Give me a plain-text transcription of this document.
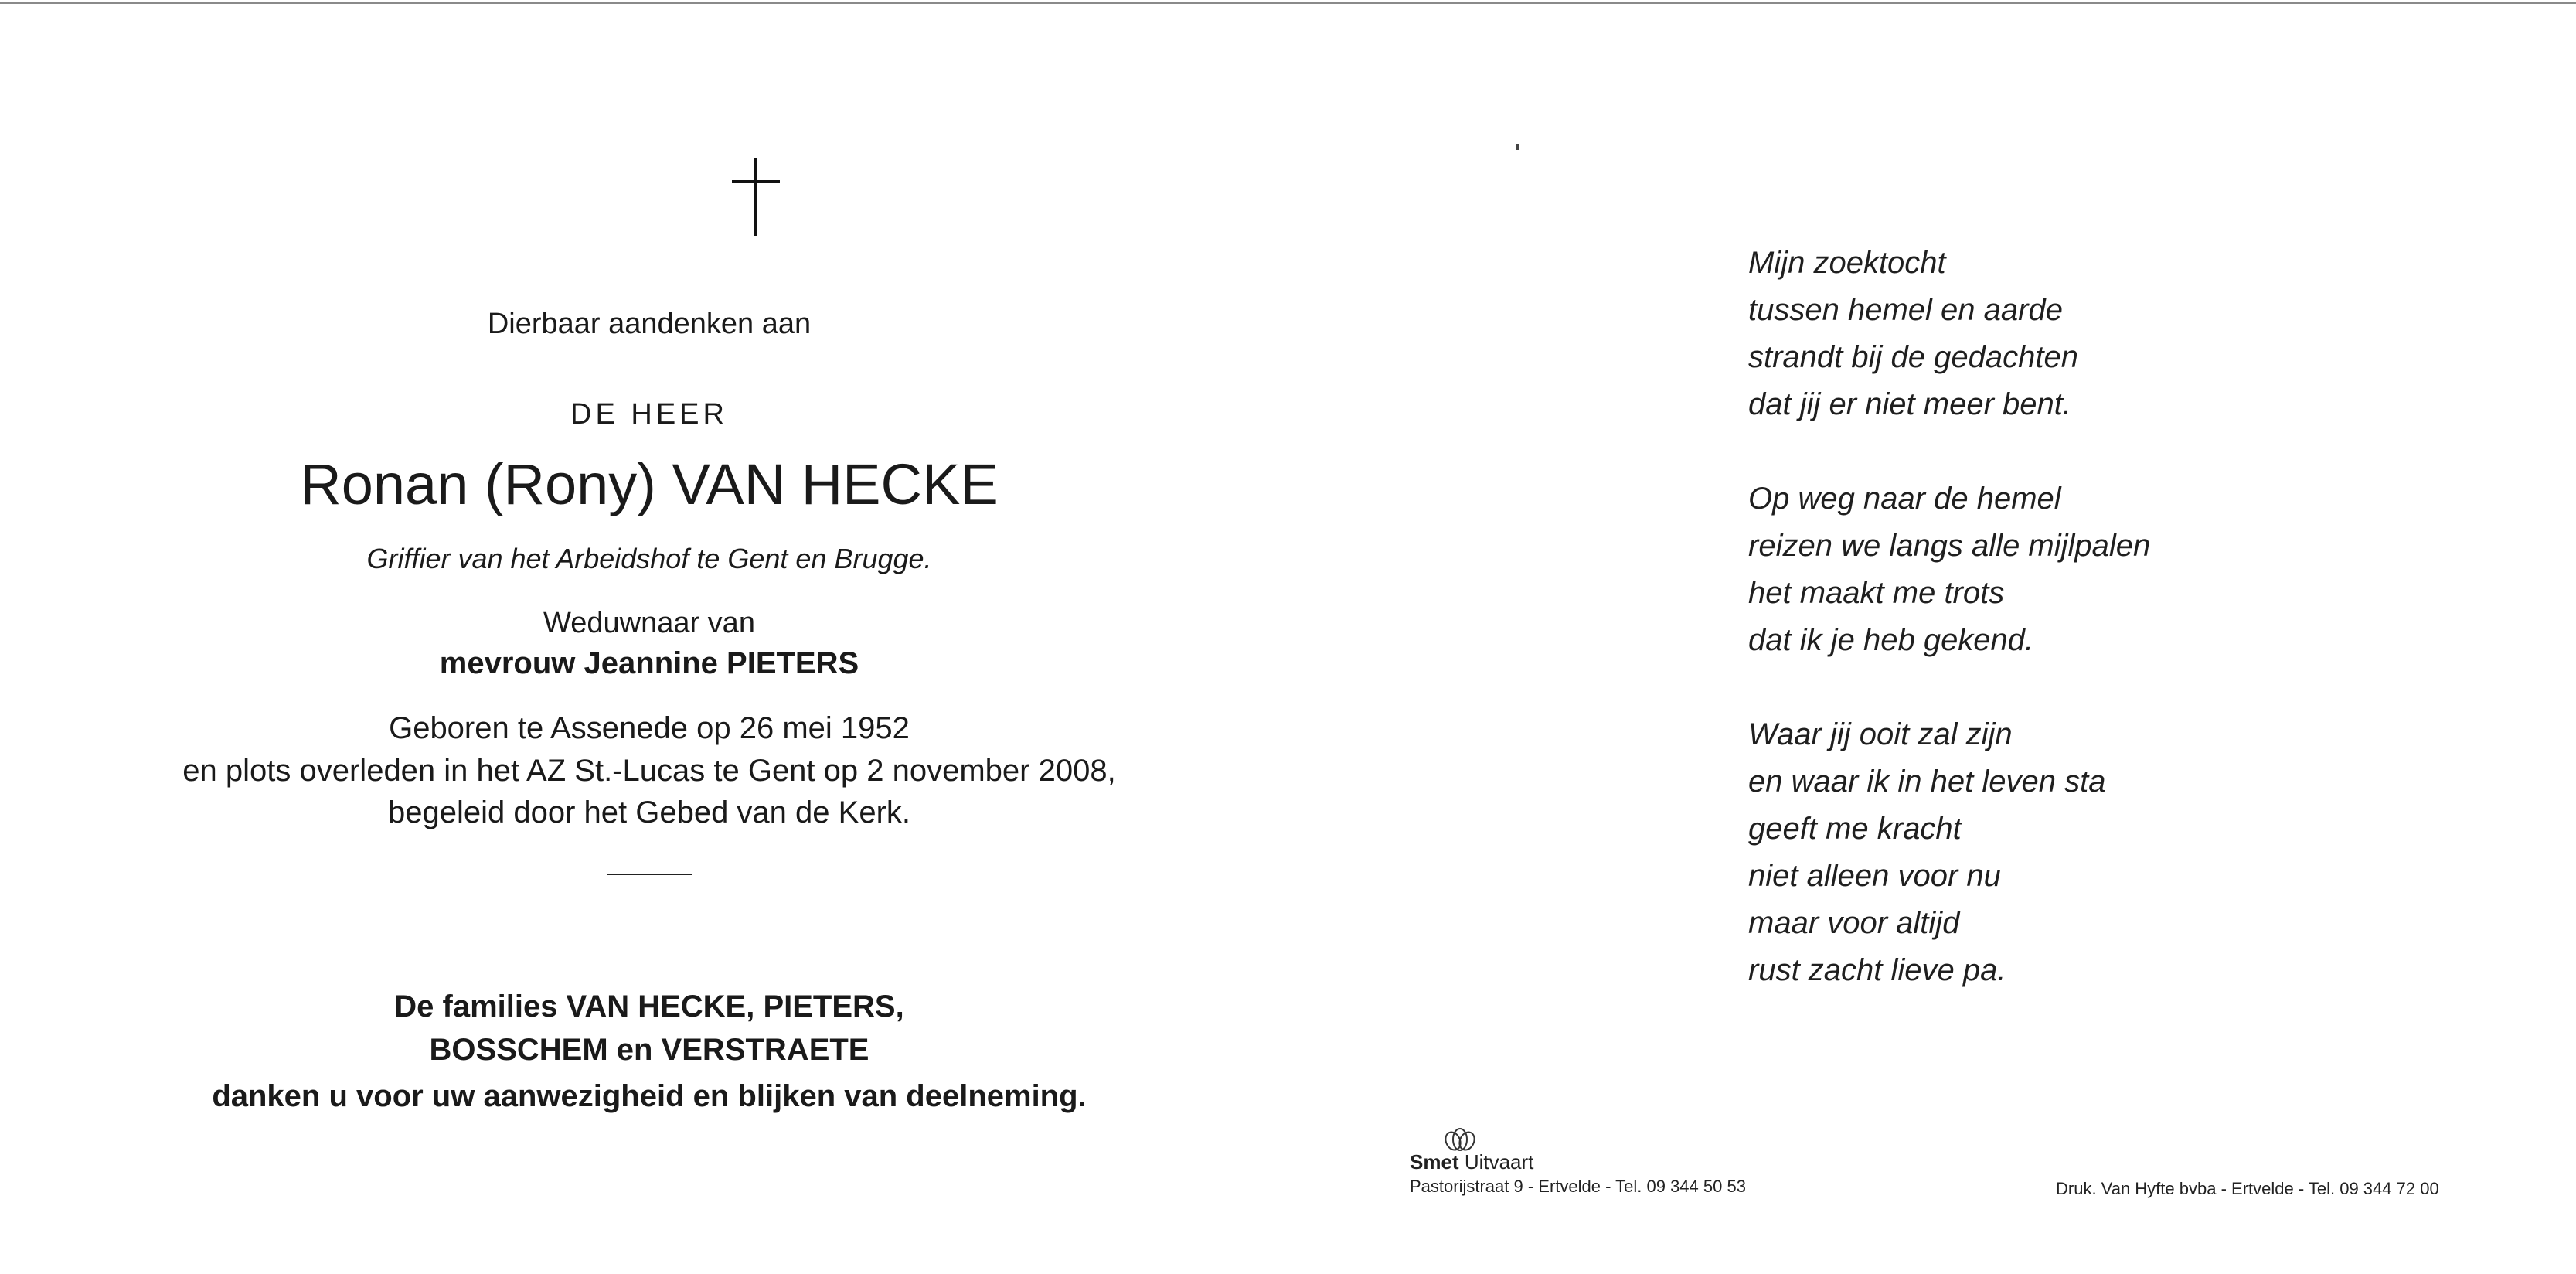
Dierbaar aandenken aan
DE HEER
Ronan (Rony) VAN HECKE
Griffier van het Arbeidshof te Gent en Brugge.
Weduwnaar van
mevrouw Jeannine PIETERS
Geboren te Assenede op 26 mei 1952
en plots overleden in het AZ St.-Lucas te Gent op 2 november 2008,
begeleid door het Gebed van de Kerk.
De families VAN HECKE, PIETERS,
BOSSCHEM en VERSTRAETE
danken u voor uw aanwezigheid en blijken van deelneming.
Mijn zoektocht
tussen hemel en aarde
strandt bij de gedachten
dat jij er niet meer bent.
Op weg naar de hemel
reizen we langs alle mijlpalen
het maakt me trots
dat ik je heb gekend.
Waar jij ooit zal zijn
en waar ik in het leven sta
geeft me kracht
niet alleen voor nu
maar voor altijd
rust zacht lieve pa.
Smet Uitvaart
Pastorijstraat 9 - Ertvelde - Tel. 09 344 50 53	Druk. Van Hyfte bvba - Ertvelde - Tel. 09 344 72 00
